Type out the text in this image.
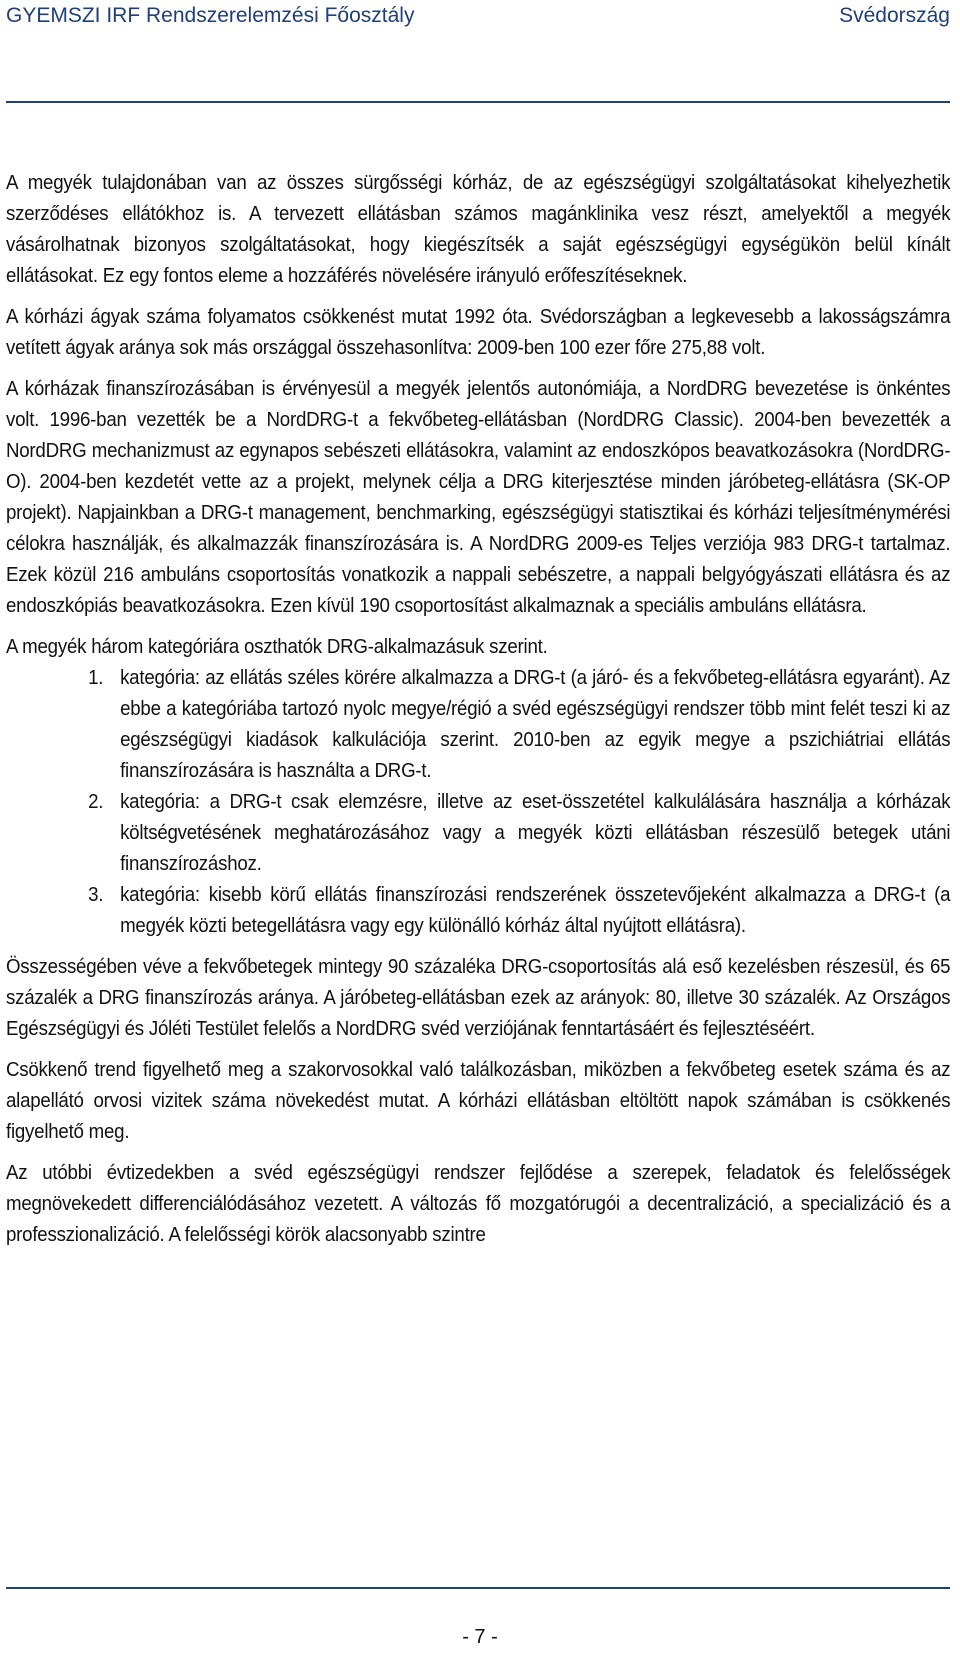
GYEMSZI IRF Rendszerelemzési Főosztály	Svédország

A megyék tulajdonában van az összes sürgősségi kórház, de az egészségügyi szolgáltatásokat kihelyezhetik szerződéses ellátókhoz is. A tervezett ellátásban számos magánklinika vesz részt, amelyektől a megyék vásárolhatnak bizonyos szolgáltatásokat, hogy kiegészítsék a saját egészségügyi egységükön belül kínált ellátásokat. Ez egy fontos eleme a hozzáférés növelésére irányuló erőfeszítéseknek.

A kórházi ágyak száma folyamatos csökkenést mutat 1992 óta. Svédországban a legkevesebb a lakosságszámra vetített ágyak aránya sok más országgal összehasonlítva: 2009-ben 100 ezer főre 275,88 volt.

A kórházak finanszírozásában is érvényesül a megyék jelentős autonómiája, a NordDRG bevezetése is önkéntes volt. 1996-ban vezették be a NordDRG-t a fekvőbeteg-ellátásban (NordDRG Classic). 2004-ben bevezették a NordDRG mechanizmust az egynapos sebészeti ellátásokra, valamint az endoszkópos beavatkozásokra (NordDRG-O). 2004-ben kezdetét vette az a projekt, melynek célja a DRG kiterjesztése minden járóbeteg-ellátásra (SK-OP projekt). Napjainkban a DRG-t management, benchmarking, egészségügyi statisztikai és kórházi teljesítménymérési célokra használják, és alkalmazzák finanszírozására is. A NordDRG 2009-es Teljes verziója 983 DRG-t tartalmaz. Ezek közül 216 ambuláns csoportosítás vonatkozik a nappali sebészetre, a nappali belgyógyászati ellátásra és az endoszkópiás beavatkozásokra. Ezen kívül 190 csoportosítást alkalmaznak a speciális ambuláns ellátásra.

A megyék három kategóriára oszthatók DRG-alkalmazásuk szerint.

1. kategória: az ellátás széles körére alkalmazza a DRG-t (a járó- és a fekvőbeteg-ellátásra egyaránt). Az ebbe a kategóriába tartozó nyolc megye/régió a svéd egészségügyi rendszer több mint felét teszi ki az egészségügyi kiadások kalkulációja szerint. 2010-ben az egyik megye a pszichiátriai ellátás finanszírozására is használta a DRG-t.
2. kategória: a DRG-t csak elemzésre, illetve az eset-összetétel kalkulálására használja a kórházak költségvetésének meghatározásához vagy a megyék közti ellátásban részesülő betegek utáni finanszírozáshoz.
3. kategória: kisebb körű ellátás finanszírozási rendszerének összetevőjeként alkalmazza a DRG-t (a megyék közti betegellátásra vagy egy különálló kórház által nyújtott ellátásra).

Összességében véve a fekvőbetegek mintegy 90 százaléka DRG-csoportosítás alá eső kezelésben részesül, és 65 százalék a DRG finanszírozás aránya. A járóbeteg-ellátásban ezek az arányok: 80, illetve 30 százalék. Az Országos Egészségügyi és Jóléti Testület felelős a NordDRG svéd verziójának fenntartásáért és fejlesztéséért.

Csökkenő trend figyelhető meg a szakorvosokkal való találkozásban, miközben a fekvőbeteg esetek száma és az alapellátó orvosi vizitek száma növekedést mutat. A kórházi ellátásban eltöltött napok számában is csökkenés figyelhető meg.

Az utóbbi évtizedekben a svéd egészségügyi rendszer fejlődése a szerepek, feladatok és felelősségek megnövekedett differenciálódásához vezetett. A változás fő mozgatórugói a decentralizáció, a specializáció és a professzionalizáció. A felelősségi körök alacsonyabb szintre

- 7 -
